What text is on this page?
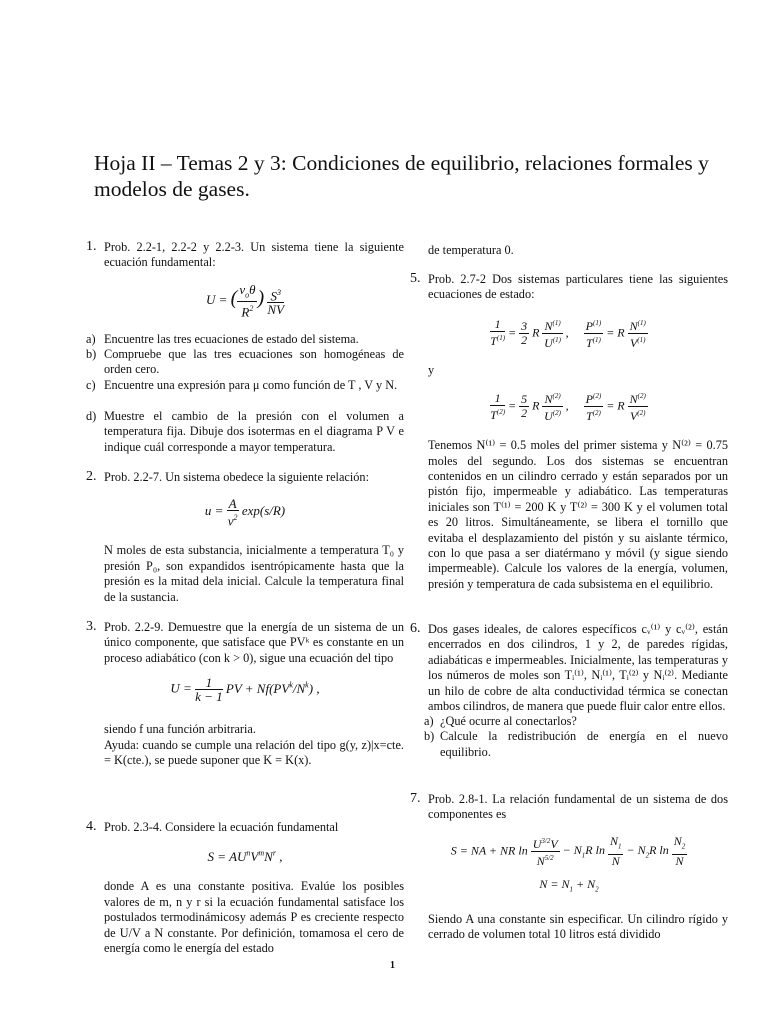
Hoja II – Temas 2 y 3: Condiciones de equilibrio, relaciones formales y modelos de gases.
1. Prob. 2.2-1, 2.2-2 y 2.2-3. Un sistema tiene la siguiente ecuación fundamental:

U = ( $\frac{v_o\theta}{R^2}$ ) $\frac{S^3}{NV}$
a) Encuentre las tres ecuaciones de estado del sistema.

b) Compruebe que las tres ecuaciones son homogéneas de orden cero.

c) Encuentre una expresión para μ como función de T , V y N.

d) Muestre el cambio de la presión con el volumen a temperatura fija. Dibuje dos isotermas en el diagrama P V e indique cuál corresponde a mayor temperatura.

2. Prob. 2.2-7. Un sistema obedece la siguiente relación:

$u = \frac{A}{v^2} \exp(s/R)$

N moles de esta substancia, inicialmente a temperatura T₀ y presión P₀, son expandidos isentrópicamente hasta que la presión es la mitad dela inicial. Calcule la temperatura final de la sustancia.

3. Prob. 2.2-9. Demuestre que la energía de un sistema de un único componente, que satisface que PVᵏ es constante en un proceso adiabático (con k > 0), sigue una ecuación del tipo

$U = \frac{1}{k - 1}$ PV + $Nf(PV^k/N^k)$ ,

siendo f una función arbitraria.

Ayuda: cuando se cumple una relación del tipo g(y, z)|x=cte. = K(cte.), se puede suponer que K = K(x).

4. Prob. 2.3-4. Considere la ecuación fundamental

$S = AU^nV^mN^r$ ,

donde A es una constante positiva. Evalúe los posibles valores de m, n y r si la ecuación fundamental satisface los postulados termodinámicosy además P es creciente respecto de U/V a N constante. Por definición, tomamosa el cero de energía como le energía del estado

de temperatura 0.

5. Prob. 2.7-2 Dos sistemas particulares tiene las siguientes ecuaciones de estado:

$\frac{1}{T^{(1)}} = \frac{3}{2}$ R $\frac{N^{(1)}}{U^{(1)}}$ , $\frac{P^{(1)}}{T^{(1)}} = R \frac{N^{(1)}}{V^{(1)}}$

y

$\frac{1}{T^{(2)}} = \frac{5}{2}$ R $\frac{N^{(2)}}{U^{(2)}}$ , $\frac{P^{(2)}}{T^{(2)}} = R \frac{N^{(2)}}{V^{(2)}}$

Tenemos N⁽¹⁾ = 0.5 moles del primer sistema y N⁽²⁾ = 0.75 moles del segundo. Los dos sistemas se encuentran contenidos en un cilindro cerrado y están separados por un pistón fijo, impermeable y adiabático. Las temperaturas iniciales son T⁽¹⁾ = 200 K y T⁽²⁾ = 300 K y el volumen total es 20 litros. Simultáneamente, se libera el tornillo que evitaba el desplazamiento del pistón y su aislante térmico, con lo que pasa a ser diatérmano y móvil (y sigue siendo impermeable). Calcule los valores de la energía, volumen, presión y temperatura de cada subsistema en el equilibrio.

6. Dos gases ideales, de calores específicos cᵥ⁽¹⁾ y cᵥ⁽²⁾, están encerrados en dos cilindros, 1 y 2, de paredes rígidas, adiabáticas e impermeables. Inicialmente, las temperaturas y los números de moles son Tᵢ⁽¹⁾, Nᵢ⁽¹⁾, Tᵢ⁽²⁾ y Nᵢ⁽²⁾. Mediante un hilo de cobre de alta conductividad térmica se conectan ambos cilindros, de manera que puede fluir calor entre ellos.

a) ¿Qué ocurre al conectarlos?

b) Calcule la redistribución de energía en el nuevo equilibrio.

7. Prob. 2.8-1. La relación fundamental de un sistema de dos componentes es

S = NA + NR $\ln \frac{U^{3/2}V}{N^{5/2}} - N_1R$ $\ln \frac{N_1}{N} - N_2R$ $\ln \frac{N_2}{N}$
$N = N_1 + N_2$

Siendo A una constante sin especificar. Un cilindro rígido y cerrado de volumen total 10 litros está dividido

1
